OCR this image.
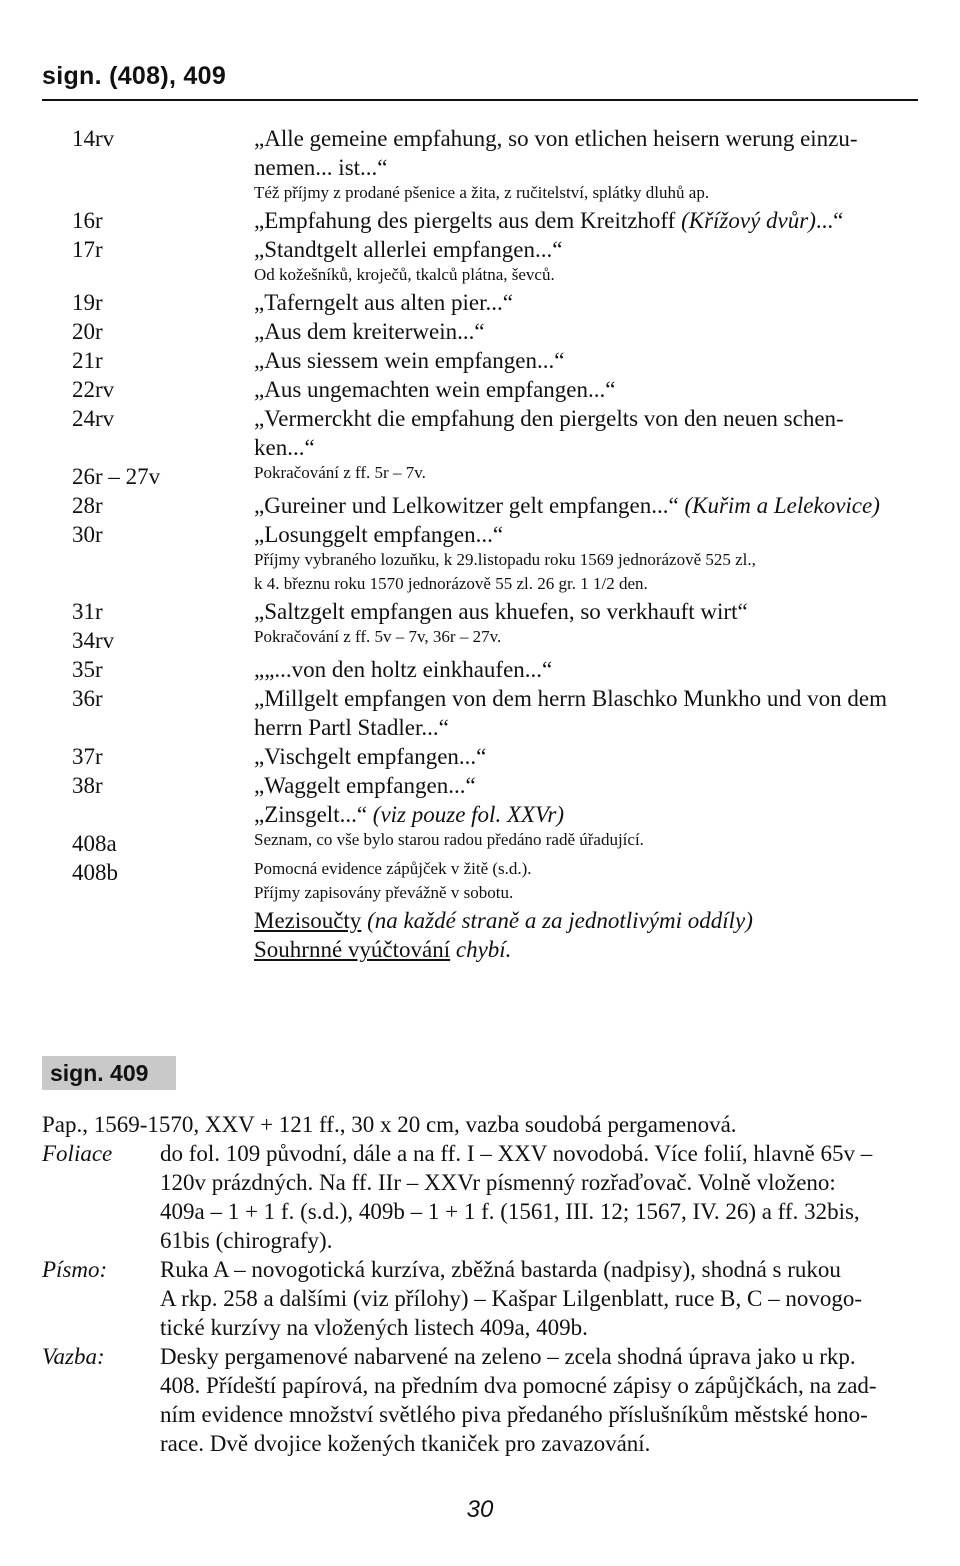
sign. (408), 409
14rv	„Alle gemeine empfahung, so von etlichen heisern werung einzu-
nemen... ist...“
Též příjmy z prodané pšenice a žita, z ručitelství, splátky dluhů ap.
16r	„Empfahung des piergelts aus dem Kreitzhoff (Křížový dvůr)...“
17r	„Standtgelt allerlei empfangen...“
Od kožešníků, kroječů, tkalců plátna, ševců.
19r	„Taferngelt aus alten pier...“
20r	„Aus dem kreiterwein...“
21r	„Aus siessem wein empfangen...“
22rv	„Aus ungemachten wein empfangen...“
24rv	„Vermerckht die empfahung den piergelts von den neuen schen-
ken...“
26r – 27v	Pokračování z ff. 5r – 7v.
28r	„Gureiner und Lelkowitzer gelt empfangen...“ (Kuřim a Lelekovice)
30r	„Losunggelt empfangen...“
Příjmy vybraného lozuňku, k 29.listopadu roku 1569 jednorázově 525 zl.,
k 4. březnu roku 1570 jednorázově 55 zl. 26 gr. 1 1/2 den.
31r	„Saltzgelt empfangen aus khuefen, so verkhauft wirt“
34rv	Pokračování z ff. 5v – 7v, 36r – 27v.
35r	„„...von den holtz einkhaufen...“
36r	„Millgelt empfangen von dem herrn Blaschko Munkho und von dem
herrn Partl Stadler...“
37r	„Vischgelt empfangen...“
38r	„Waggelt empfangen...“
„Zinsgelt...“ (viz pouze fol. XXVr)
408a	Seznam, co vše bylo starou radou předáno radě úřadující.
408b	Pomocná evidence zápůjček v žitě (s.d.).
Příjmy zapisovány převážně v sobotu.
Mezisoučty (na každé straně a za jednotlivými oddíly)
Souhrnné vyúčtování chybí.
sign. 409
Pap., 1569-1570, XXV + 121 ff., 30 x 20 cm, vazba soudobá pergamenová.
Foliace	do fol. 109 původní, dále a na ff. I – XXV novodobá. Více folií, hlavně 65v –
120v prázdných. Na ff. IIr – XXVr písmenný rozřaďovač. Volně vloženo:
409a – 1 + 1 f. (s.d.), 409b – 1 + 1 f. (1561, III. 12; 1567, IV. 26) a ff. 32bis,
61bis (chirografy).
Písmo:	Ruka A – novogotická kurzíva, zběžná bastarda (nadpisy), shodná s rukou
A rkp. 258 a dalšími (viz přílohy) – Kašpar Lilgenblatt, ruce B, C – novogo-
tické kurzívy na vložených listech 409a, 409b.
Vazba:	Desky pergamenové nabarvené na zeleno – zcela shodná úprava jako u rkp.
408. Přídeští papírová, na předním dva pomocné zápisy o zápůjčkách, na zad-
ním evidence množství světlého piva předaného příslušníkům městské hono-
race. Dvě dvojice kožených tkaniček pro zavazování.
30
